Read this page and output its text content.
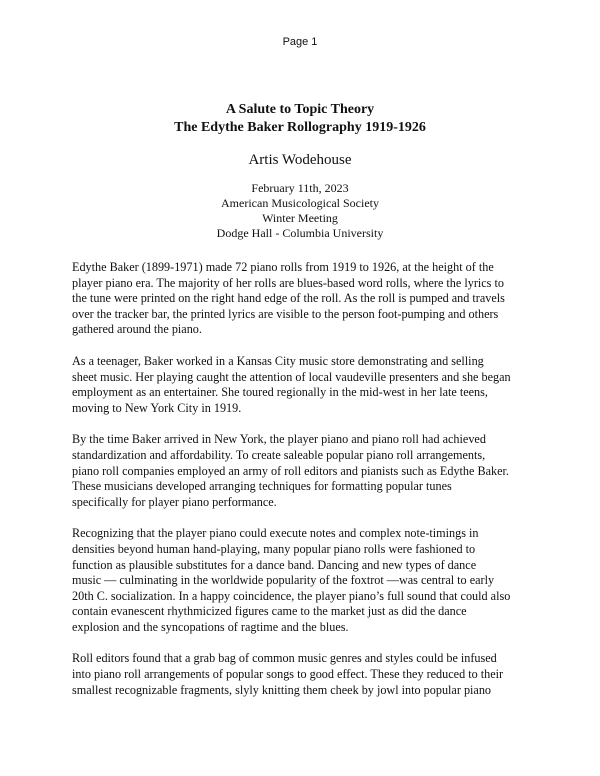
Page 1
A Salute to Topic Theory
The Edythe Baker Rollography 1919-1926
Artis Wodehouse
February 11th, 2023
American Musicological Society
Winter Meeting
Dodge Hall - Columbia University
Edythe Baker (1899-1971) made 72 piano rolls from 1919 to 1926, at the height of the
player piano era. The majority of her rolls are blues-based word rolls, where the lyrics to
the tune were printed on the right hand edge of the roll. As the roll is pumped and travels
over the tracker bar, the printed lyrics are visible to the person foot-pumping and others
gathered around the piano.
As a teenager, Baker worked in a Kansas City music store demonstrating and selling
sheet music. Her playing caught the attention of local vaudeville presenters and she began
employment as an entertainer. She toured regionally in the mid-west in her late teens,
moving to New York City in 1919.
By the time Baker arrived in New York, the player piano and piano roll had achieved
standardization and affordability. To create saleable popular piano roll arrangements,
piano roll companies employed an army of roll editors and pianists such as Edythe Baker.
These musicians developed arranging techniques for formatting popular tunes
specifically for player piano performance.
Recognizing that the player piano could execute notes and complex note-timings in
densities beyond human hand-playing, many popular piano rolls were fashioned to
function as plausible substitutes for a dance band. Dancing and new types of dance
music — culminating in the worldwide popularity of the foxtrot —was central to early
20th C. socialization. In a happy coincidence, the player piano’s full sound that could also
contain evanescent rhythmicized figures came to the market just as did the dance
explosion and the syncopations of ragtime and the blues.
Roll editors found that a grab bag of common music genres and styles could be infused
into piano roll arrangements of popular songs to good effect. These they reduced to their
smallest recognizable fragments, slyly knitting them cheek by jowl into popular piano
